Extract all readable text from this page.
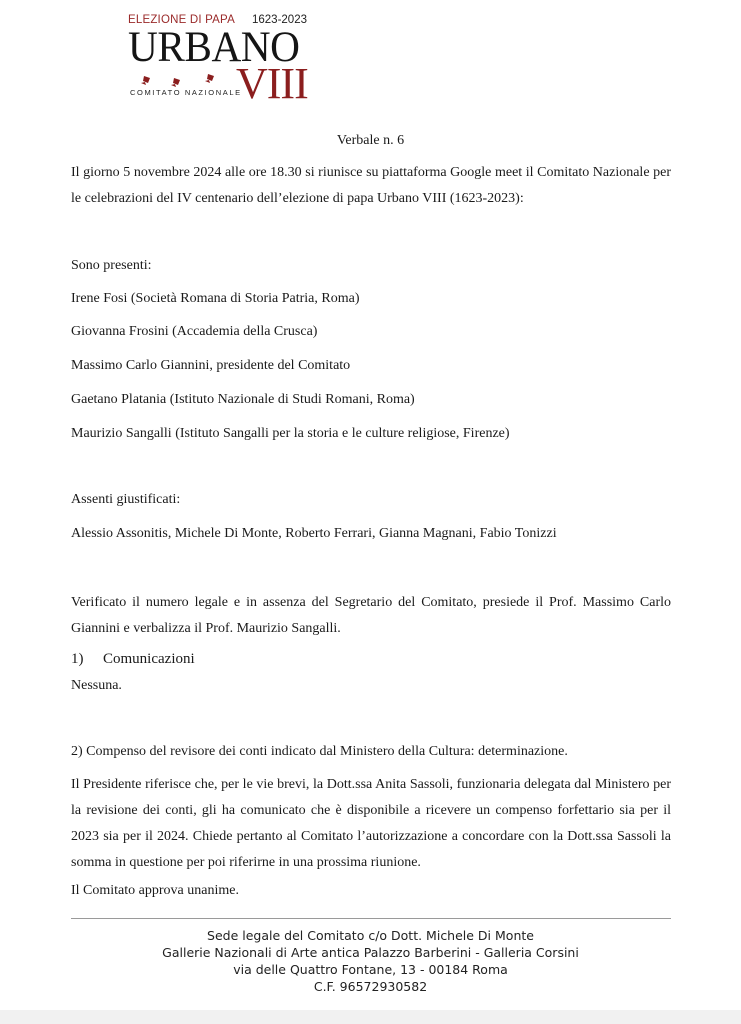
ELEZIONE DI PAPA 1623-2023
URBANO
VIII
COMITATO NAZIONALE
Verbale n. 6

Il giorno 5 novembre 2024 alle ore 18.30 si riunisce su piattaforma Google meet il Comitato Nazionale per le celebrazioni del IV centenario dell’elezione di papa Urbano VIII (1623-2023):

Sono presenti:
Irene Fosi (Società Romana di Storia Patria, Roma)
Giovanna Frosini (Accademia della Crusca)
Massimo Carlo Giannini, presidente del Comitato
Gaetano Platania (Istituto Nazionale di Studi Romani, Roma)
Maurizio Sangalli (Istituto Sangalli per la storia e le culture religiose, Firenze)
Assenti giustificati:
Alessio Assonitis, Michele Di Monte, Roberto Ferrari, Gianna Magnani, Fabio Tonizzi

Verificato il numero legale e in assenza del Segretario del Comitato, presiede il Prof. Massimo Carlo Giannini e verbalizza il Prof. Maurizio Sangalli.

1) Comunicazioni
Nessuna.
2) Compenso del revisore dei conti indicato dal Ministero della Cultura: determinazione.

Il Presidente riferisce che, per le vie brevi, la Dott.ssa Anita Sassoli, funzionaria delegata dal Ministero per la revisione dei conti, gli ha comunicato che è disponibile a ricevere un compenso forfettario sia per il 2023 sia per il 2024. Chiede pertanto al Comitato l’autorizzazione a concordare con la Dott.ssa Sassoli la somma in questione per poi riferirne in una prossima riunione.

Il Comitato approva unanime.
Sede legale del Comitato c/o Dott. Michele Di Monte
Gallerie Nazionali di Arte antica Palazzo Barberini - Galleria Corsini
via delle Quattro Fontane, 13 - 00184 Roma
C.F. 96572930582
